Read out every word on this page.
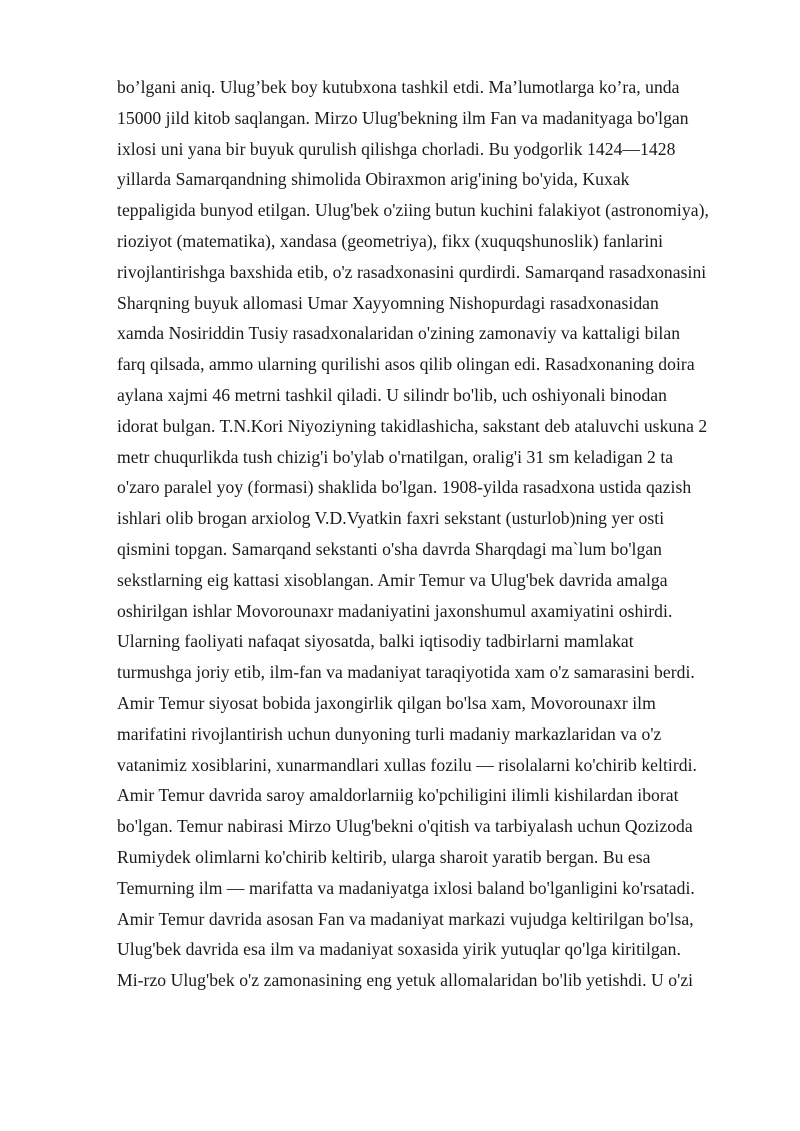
bo’lgani aniq. Ulug’bek boy kutubxona tashkil etdi. Ma’lumotlarga ko’ra, unda
15000 jild kitob saqlangan. Mirzo Ulug'bekning ilm Fan va madanityaga bo'lgan
ixlosi uni yana bir buyuk qurulish qilishga chorladi. Bu yodgorlik 1424—1428
yillarda Samarqandning shimolida Obiraxmon arig'ining bo'yida, Kuxak
teppaligida bunyod etilgan. Ulug'bek o'ziing butun kuchini falakiyot (astronomiya),
rioziyot (matematika), xandasa (geometriya), fikx (xuquqshunoslik) fanlarini
rivojlantirishga baxshida etib, o'z rasadxonasini qurdirdi. Samarqand rasadxonasini
Sharqning buyuk allomasi Umar Xayyomning Nishopurdagi rasadxonasidan
xamda Nosiriddin Tusiy rasadxonalaridan o'zining zamonaviy va kattaligi bilan
farq qilsada, ammo ularning qurilishi asos qilib olingan edi. Rasadxonaning doira
aylana xajmi 46 metrni tashkil qiladi. U silindr bo'lib, uch oshiyonali binodan
idorat bulgan. T.N.Kori Niyoziyning takidlashicha, sakstant deb ataluvchi uskuna 2
metr chuqurlikda tush chizig'i bo'ylab o'rnatilgan, oralig'i 31 sm keladigan 2 ta
o'zaro paralel yoy (formasi) shaklida bo'lgan. 1908-yilda rasadxona ustida qazish
ishlari olib brogan arxiolog V.D.Vyatkin faxri sekstant (usturlob)ning yer osti
qismini topgan. Samarqand sekstanti o'sha davrda Sharqdagi ma`lum bo'lgan
sekstlarning eig kattasi xisoblangan. Amir Temur va Ulug'bek davrida amalga
oshirilgan ishlar Movorounaxr madaniyatini jaxonshumul axamiyatini oshirdi.
Ularning faoliyati nafaqat siyosatda, balki iqtisodiy tadbirlarni mamlakat
turmushga joriy etib, ilm-fan va madaniyat taraqiyotida xam o'z samarasini berdi.
Amir Temur siyosat bobida jaxongirlik qilgan bo'lsa xam, Movorounaxr ilm
marifatini rivojlantirish uchun dunyoning turli madaniy markazlaridan va o'z
vatanimiz xosiblarini, xunarmandlari xullas fozilu — risolalarni ko'chirib keltirdi.
Amir Temur davrida saroy amaldorlarniig ko'pchiligini ilimli kishilardan iborat
bo'lgan. Temur nabirasi Mirzo Ulug'bekni o'qitish va tarbiyalash uchun Qozizoda
Rumiydek olimlarni ko'chirib keltirib, ularga sharoit yaratib bergan. Bu esa
Temurning ilm — marifatta va madaniyatga ixlosi baland bo'lganligini ko'rsatadi.
Amir Temur davrida asosan Fan va madaniyat markazi vujudga keltirilgan bo'lsa,
Ulug'bek davrida esa ilm va madaniyat soxasida yirik yutuqlar qo'lga kiritilgan.
Mi-rzo Ulug'bek o'z zamonasining eng yetuk allomalaridan bo'lib yetishdi. U o'zi
